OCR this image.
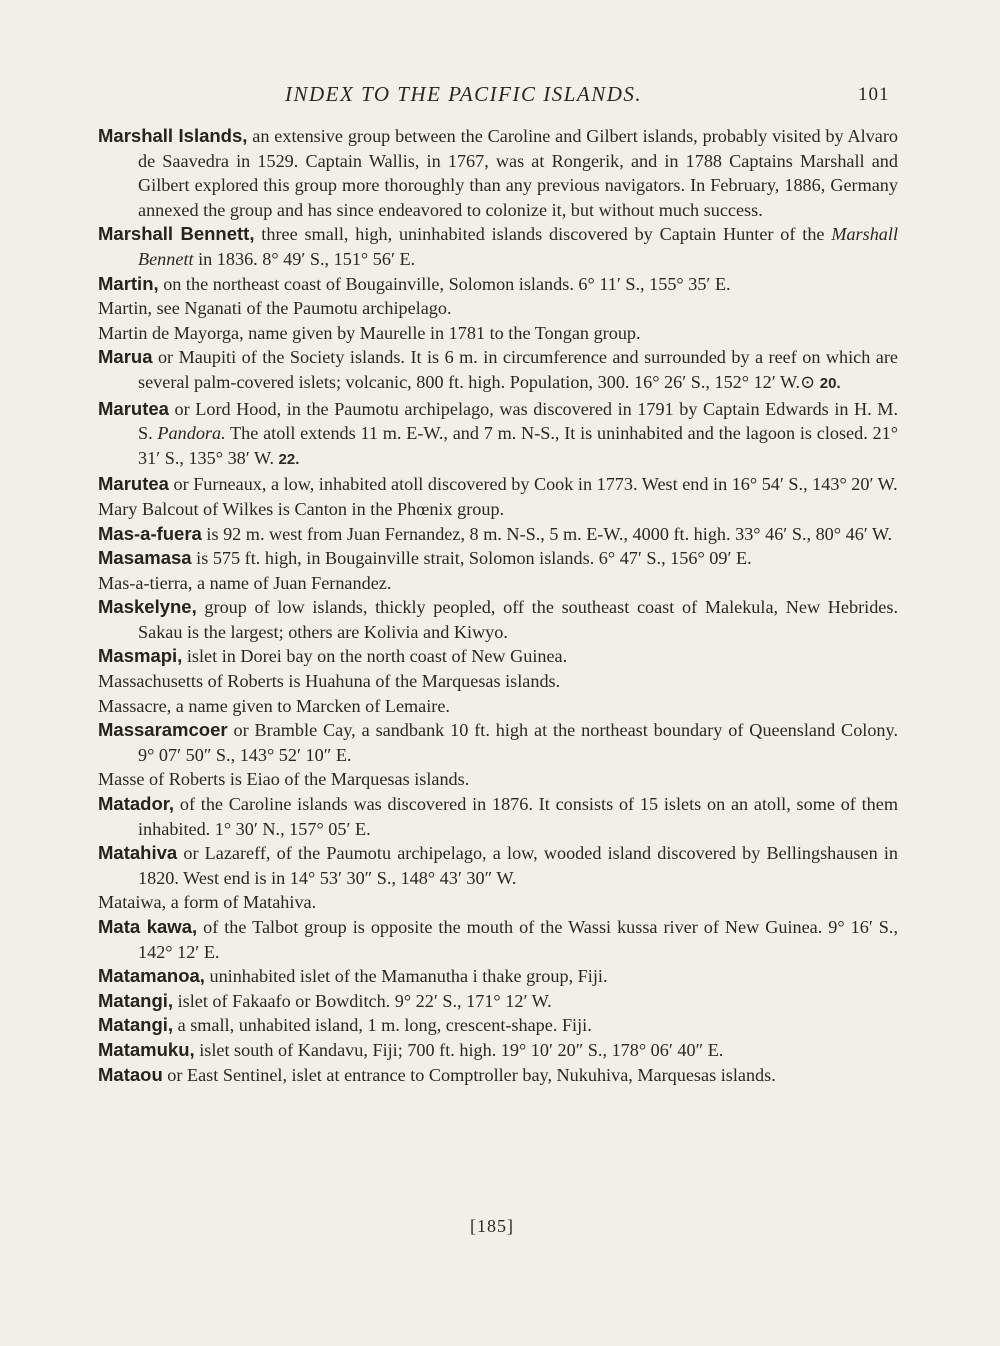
INDEX TO THE PACIFIC ISLANDS.	101

Marshall Islands, an extensive group between the Caroline and Gilbert islands, probably visited by Alvaro de Saavedra in 1529. Captain Wallis, in 1767, was at Rongerik, and in 1788 Captains Marshall and Gilbert explored this group more thoroughly than any previous navigators. In February, 1886, Germany annexed the group and has since endeavored to colonize it, but without much success.

Marshall Bennett, three small, high, uninhabited islands discovered by Captain Hunter of the Marshall Bennett in 1836. 8° 49′ S., 151° 56′ E.

Martin, on the northeast coast of Bougainville, Solomon islands. 6° 11′ S., 155° 35′ E.

Martin, see Nganati of the Paumotu archipelago.

Martin de Mayorga, name given by Maurelle in 1781 to the Tongan group.

Marua or Maupiti of the Society islands. It is 6 m. in circumference and surrounded by a reef on which are several palm-covered islets; volcanic, 800 ft. high. Population, 300. 16° 26′ S., 152° 12′ W.⊙ 20.

Marutea or Lord Hood, in the Paumotu archipelago, was discovered in 1791 by Captain Edwards in H. M. S. Pandora. The atoll extends 11 m. E-W., and 7 m. N-S., It is uninhabited and the lagoon is closed. 21° 31′ S., 135° 38′ W. 22.

Marutea or Furneaux, a low, inhabited atoll discovered by Cook in 1773. West end in 16° 54′ S., 143° 20′ W.

Mary Balcout of Wilkes is Canton in the Phœnix group.

Mas-a-fuera is 92 m. west from Juan Fernandez, 8 m. N-S., 5 m. E-W., 4000 ft. high. 33° 46′ S., 80° 46′ W.

Masamasa is 575 ft. high, in Bougainville strait, Solomon islands. 6° 47′ S., 156° 09′ E.

Mas-a-tierra, a name of Juan Fernandez.

Maskelyne, group of low islands, thickly peopled, off the southeast coast of Malekula, New Hebrides. Sakau is the largest; others are Kolivia and Kiwyo.

Masmapi, islet in Dorei bay on the north coast of New Guinea.

Massachusetts of Roberts is Huahuna of the Marquesas islands.

Massacre, a name given to Marcken of Lemaire.

Massaramcoer or Bramble Cay, a sandbank 10 ft. high at the northeast boundary of Queensland Colony. 9° 07′ 50″ S., 143° 52′ 10″ E.

Masse of Roberts is Eiao of the Marquesas islands.

Matador, of the Caroline islands was discovered in 1876. It consists of 15 islets on an atoll, some of them inhabited. 1° 30′ N., 157° 05′ E.

Matahiva or Lazareff, of the Paumotu archipelago, a low, wooded island discovered by Bellingshausen in 1820. West end is in 14° 53′ 30″ S., 148° 43′ 30″ W.

Mataiwa, a form of Matahiva.

Mata kawa, of the Talbot group is opposite the mouth of the Wassi kussa river of New Guinea. 9° 16′ S., 142° 12′ E.

Matamanoa, uninhabited islet of the Mamanutha i thake group, Fiji.

Matangi, islet of Fakaafo or Bowditch. 9° 22′ S., 171° 12′ W.

Matangi, a small, unhabited island, 1 m. long, crescent-shape. Fiji.

Matamuku, islet south of Kandavu, Fiji; 700 ft. high. 19° 10′ 20″ S., 178° 06′ 40″ E.

Mataou or East Sentinel, islet at entrance to Comptroller bay, Nukuhiva, Marquesas islands.

[185]
